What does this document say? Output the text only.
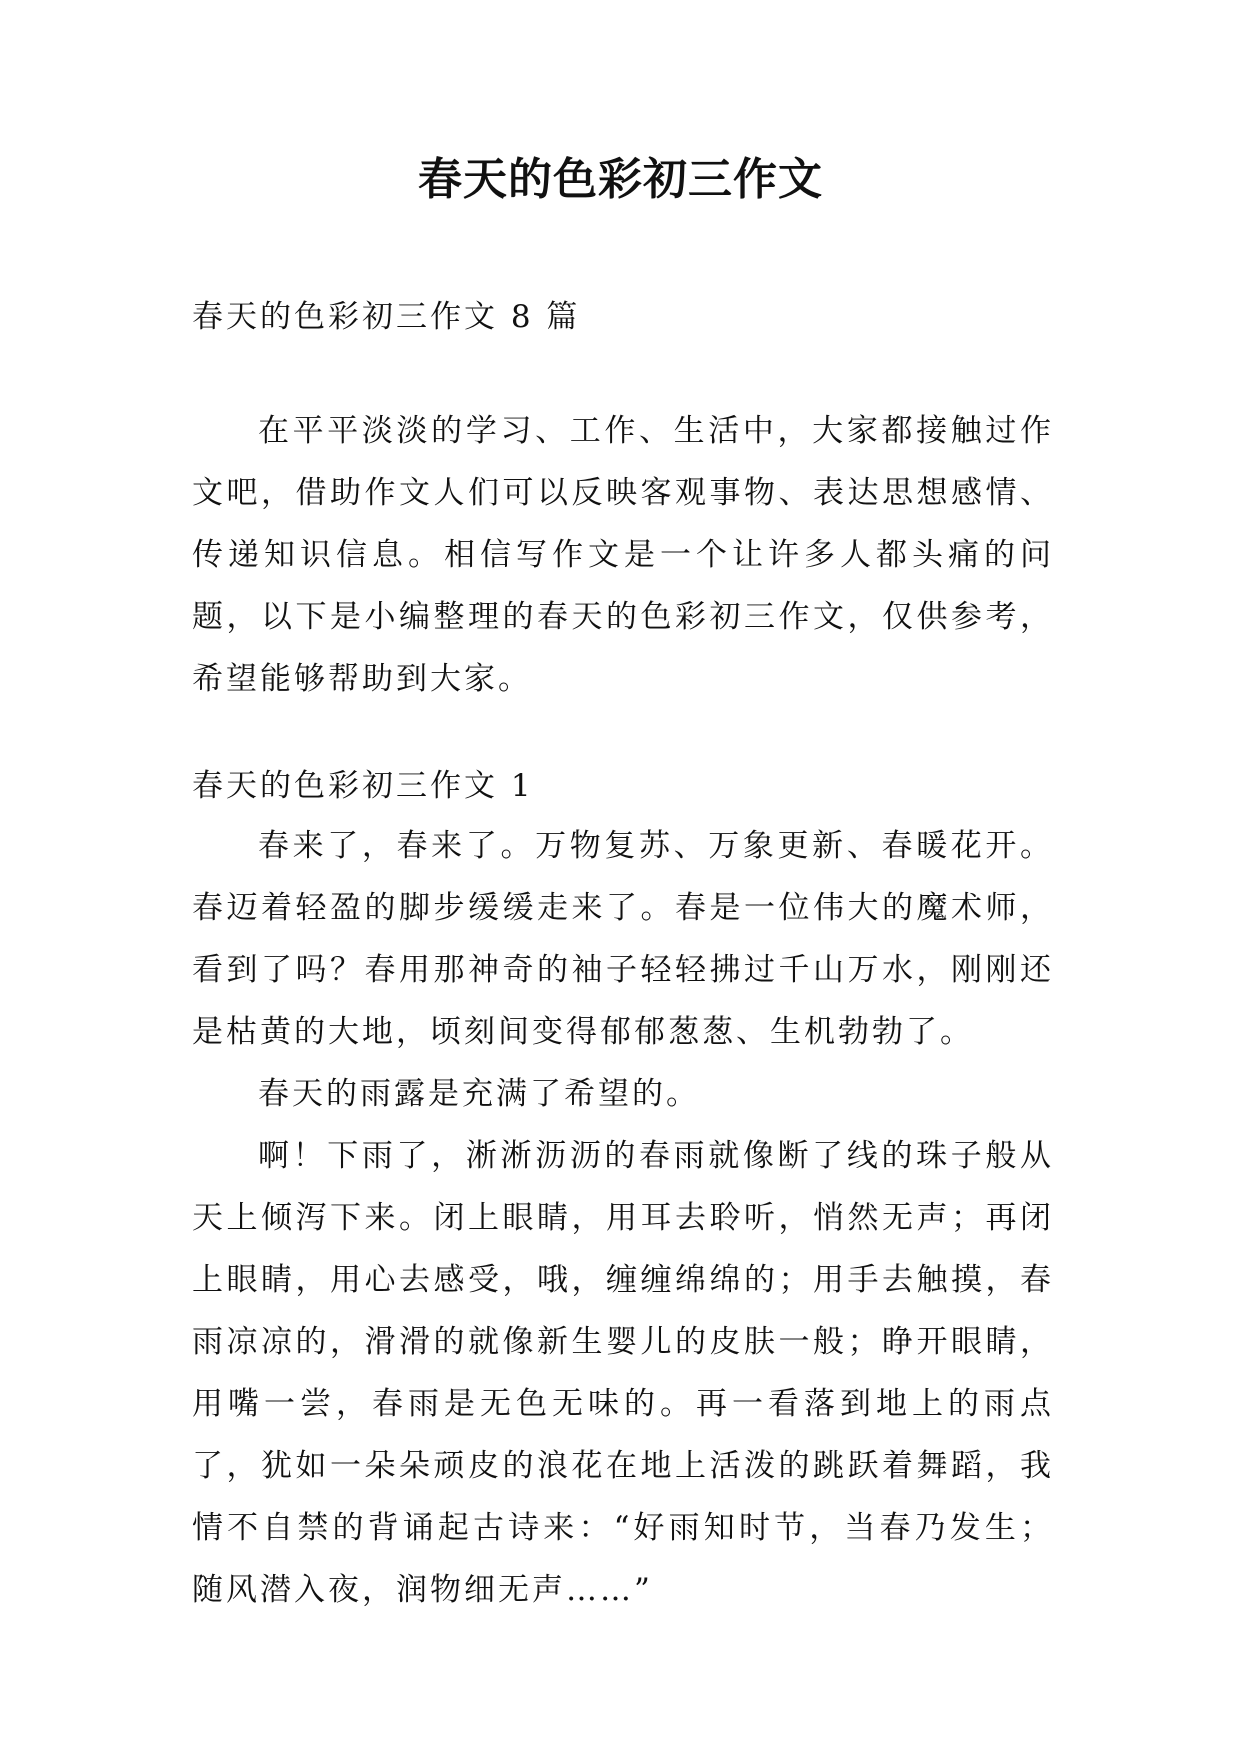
春天的色彩初三作文
春天的色彩初三作文 8 篇

在平平淡淡的学习、工作、生活中，大家都接触过作文吧，借助作文人们可以反映客观事物、表达思想感情、传递知识信息。相信写作文是一个让许多人都头痛的问题，以下是小编整理的春天的色彩初三作文，仅供参考，希望能够帮助到大家。

春天的色彩初三作文 1

春来了，春来了。万物复苏、万象更新、春暖花开。春迈着轻盈的脚步缓缓走来了。春是一位伟大的魔术师，看到了吗？春用那神奇的袖子轻轻拂过千山万水，刚刚还是枯黄的大地，顷刻间变得郁郁葱葱、生机勃勃了。

春天的雨露是充满了希望的。

啊！下雨了，淅淅沥沥的春雨就像断了线的珠子般从天上倾泻下来。闭上眼睛，用耳去聆听，悄然无声；再闭上眼睛，用心去感受，哦，缠缠绵绵的；用手去触摸，春雨凉凉的，滑滑的就像新生婴儿的皮肤一般；睁开眼睛，用嘴一尝，春雨是无色无味的。再一看落到地上的雨点了，犹如一朵朵顽皮的浪花在地上活泼的跳跃着舞蹈，我情不自禁的背诵起古诗来：“好雨知时节，当春乃发生；随风潜入夜，润物细无声……”
